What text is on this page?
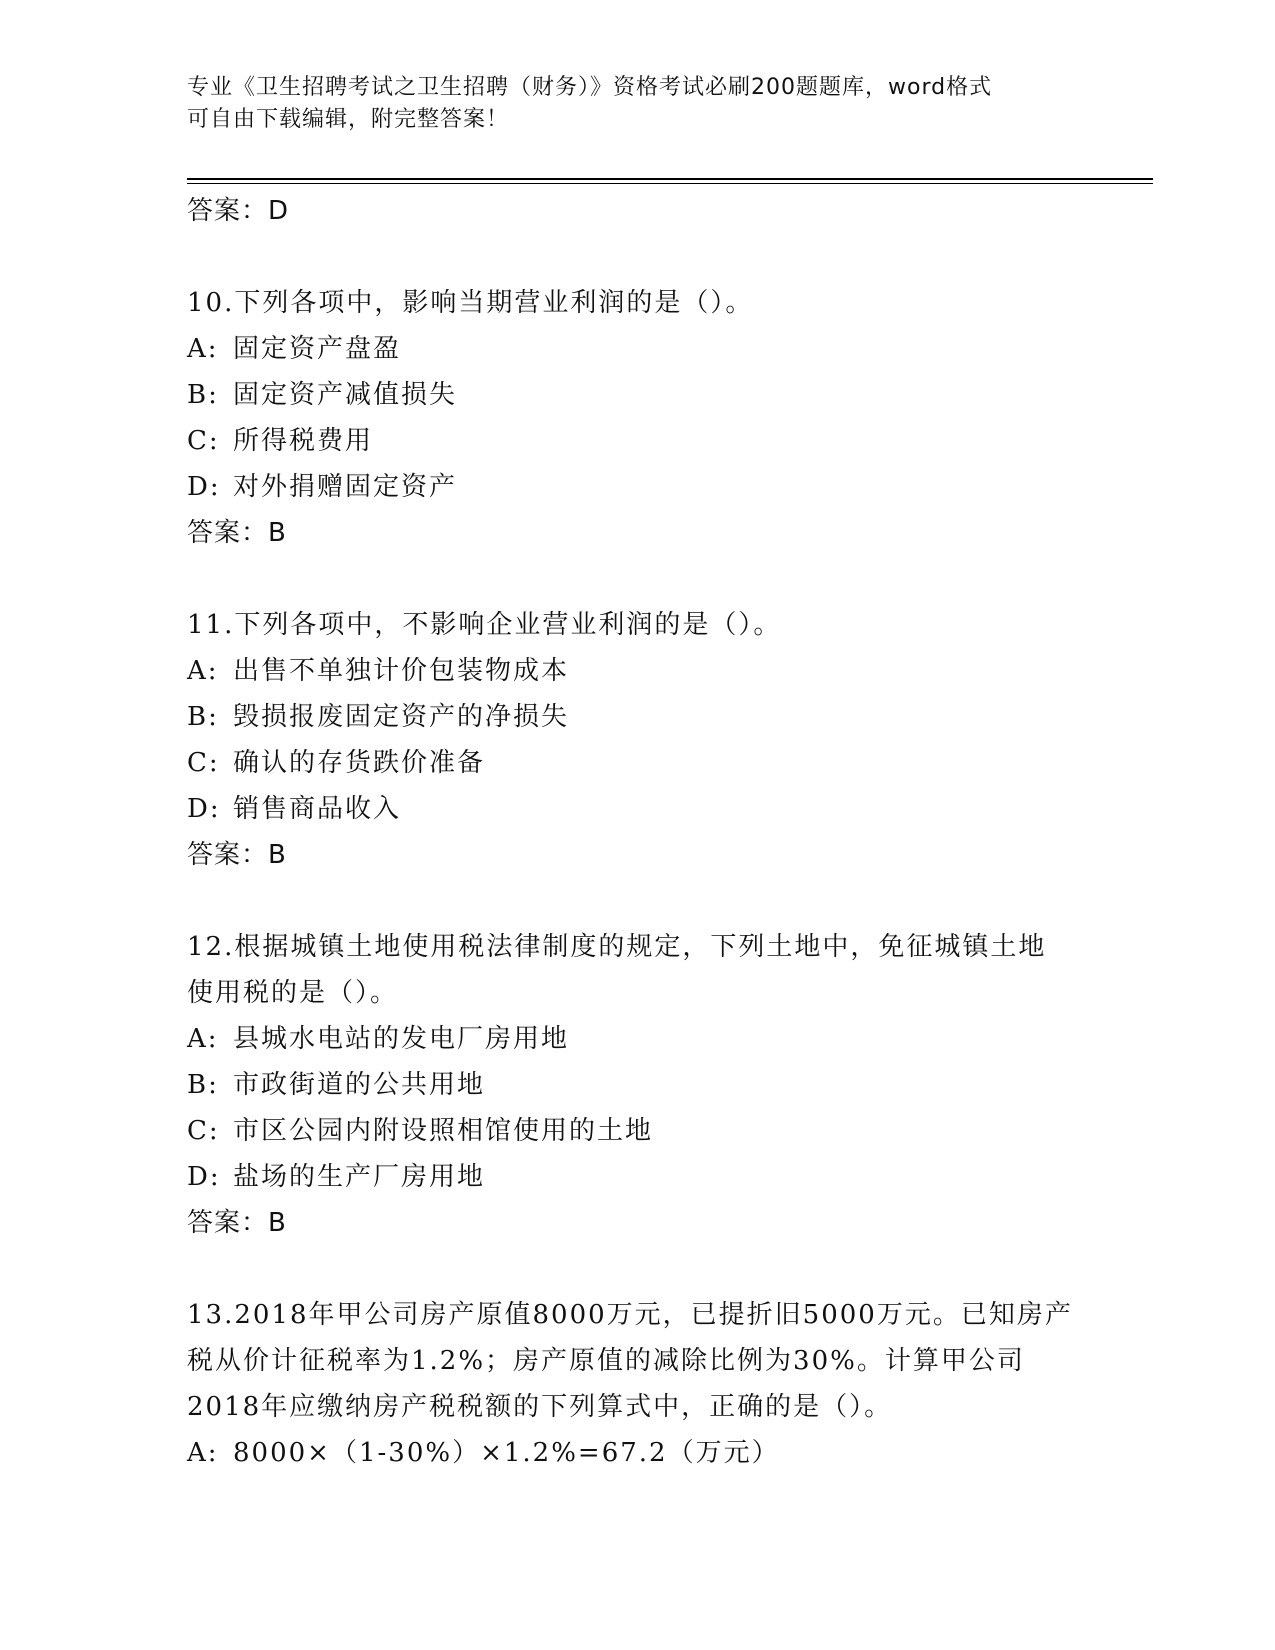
专业《卫生招聘考试之卫生招聘（财务）》资格考试必刷200题题库，word格式
可自由下载编辑，附完整答案！
答案：D
10.下列各项中，影响当期营业利润的是（）。
A: 固定资产盘盈
B: 固定资产减值损失
C: 所得税费用
D: 对外捐赠固定资产
答案：B
11.下列各项中，不影响企业营业利润的是（）。
A: 出售不单独计价包装物成本
B: 毁损报废固定资产的净损失
C: 确认的存货跌价准备
D: 销售商品收入
答案：B
12.根据城镇土地使用税法律制度的规定，下列土地中，免征城镇土地
使用税的是（）。
A: 县城水电站的发电厂房用地
B: 市政街道的公共用地
C: 市区公园内附设照相馆使用的土地
D: 盐场的生产厂房用地
答案：B
13.2018年甲公司房产原值8000万元，已提折旧5000万元。已知房产
税从价计征税率为1.2%；房产原值的减除比例为30%。计算甲公司
2018年应缴纳房产税税额的下列算式中，正确的是（）。
A: 8000×（1-30%）×1.2%=67.2（万元）
